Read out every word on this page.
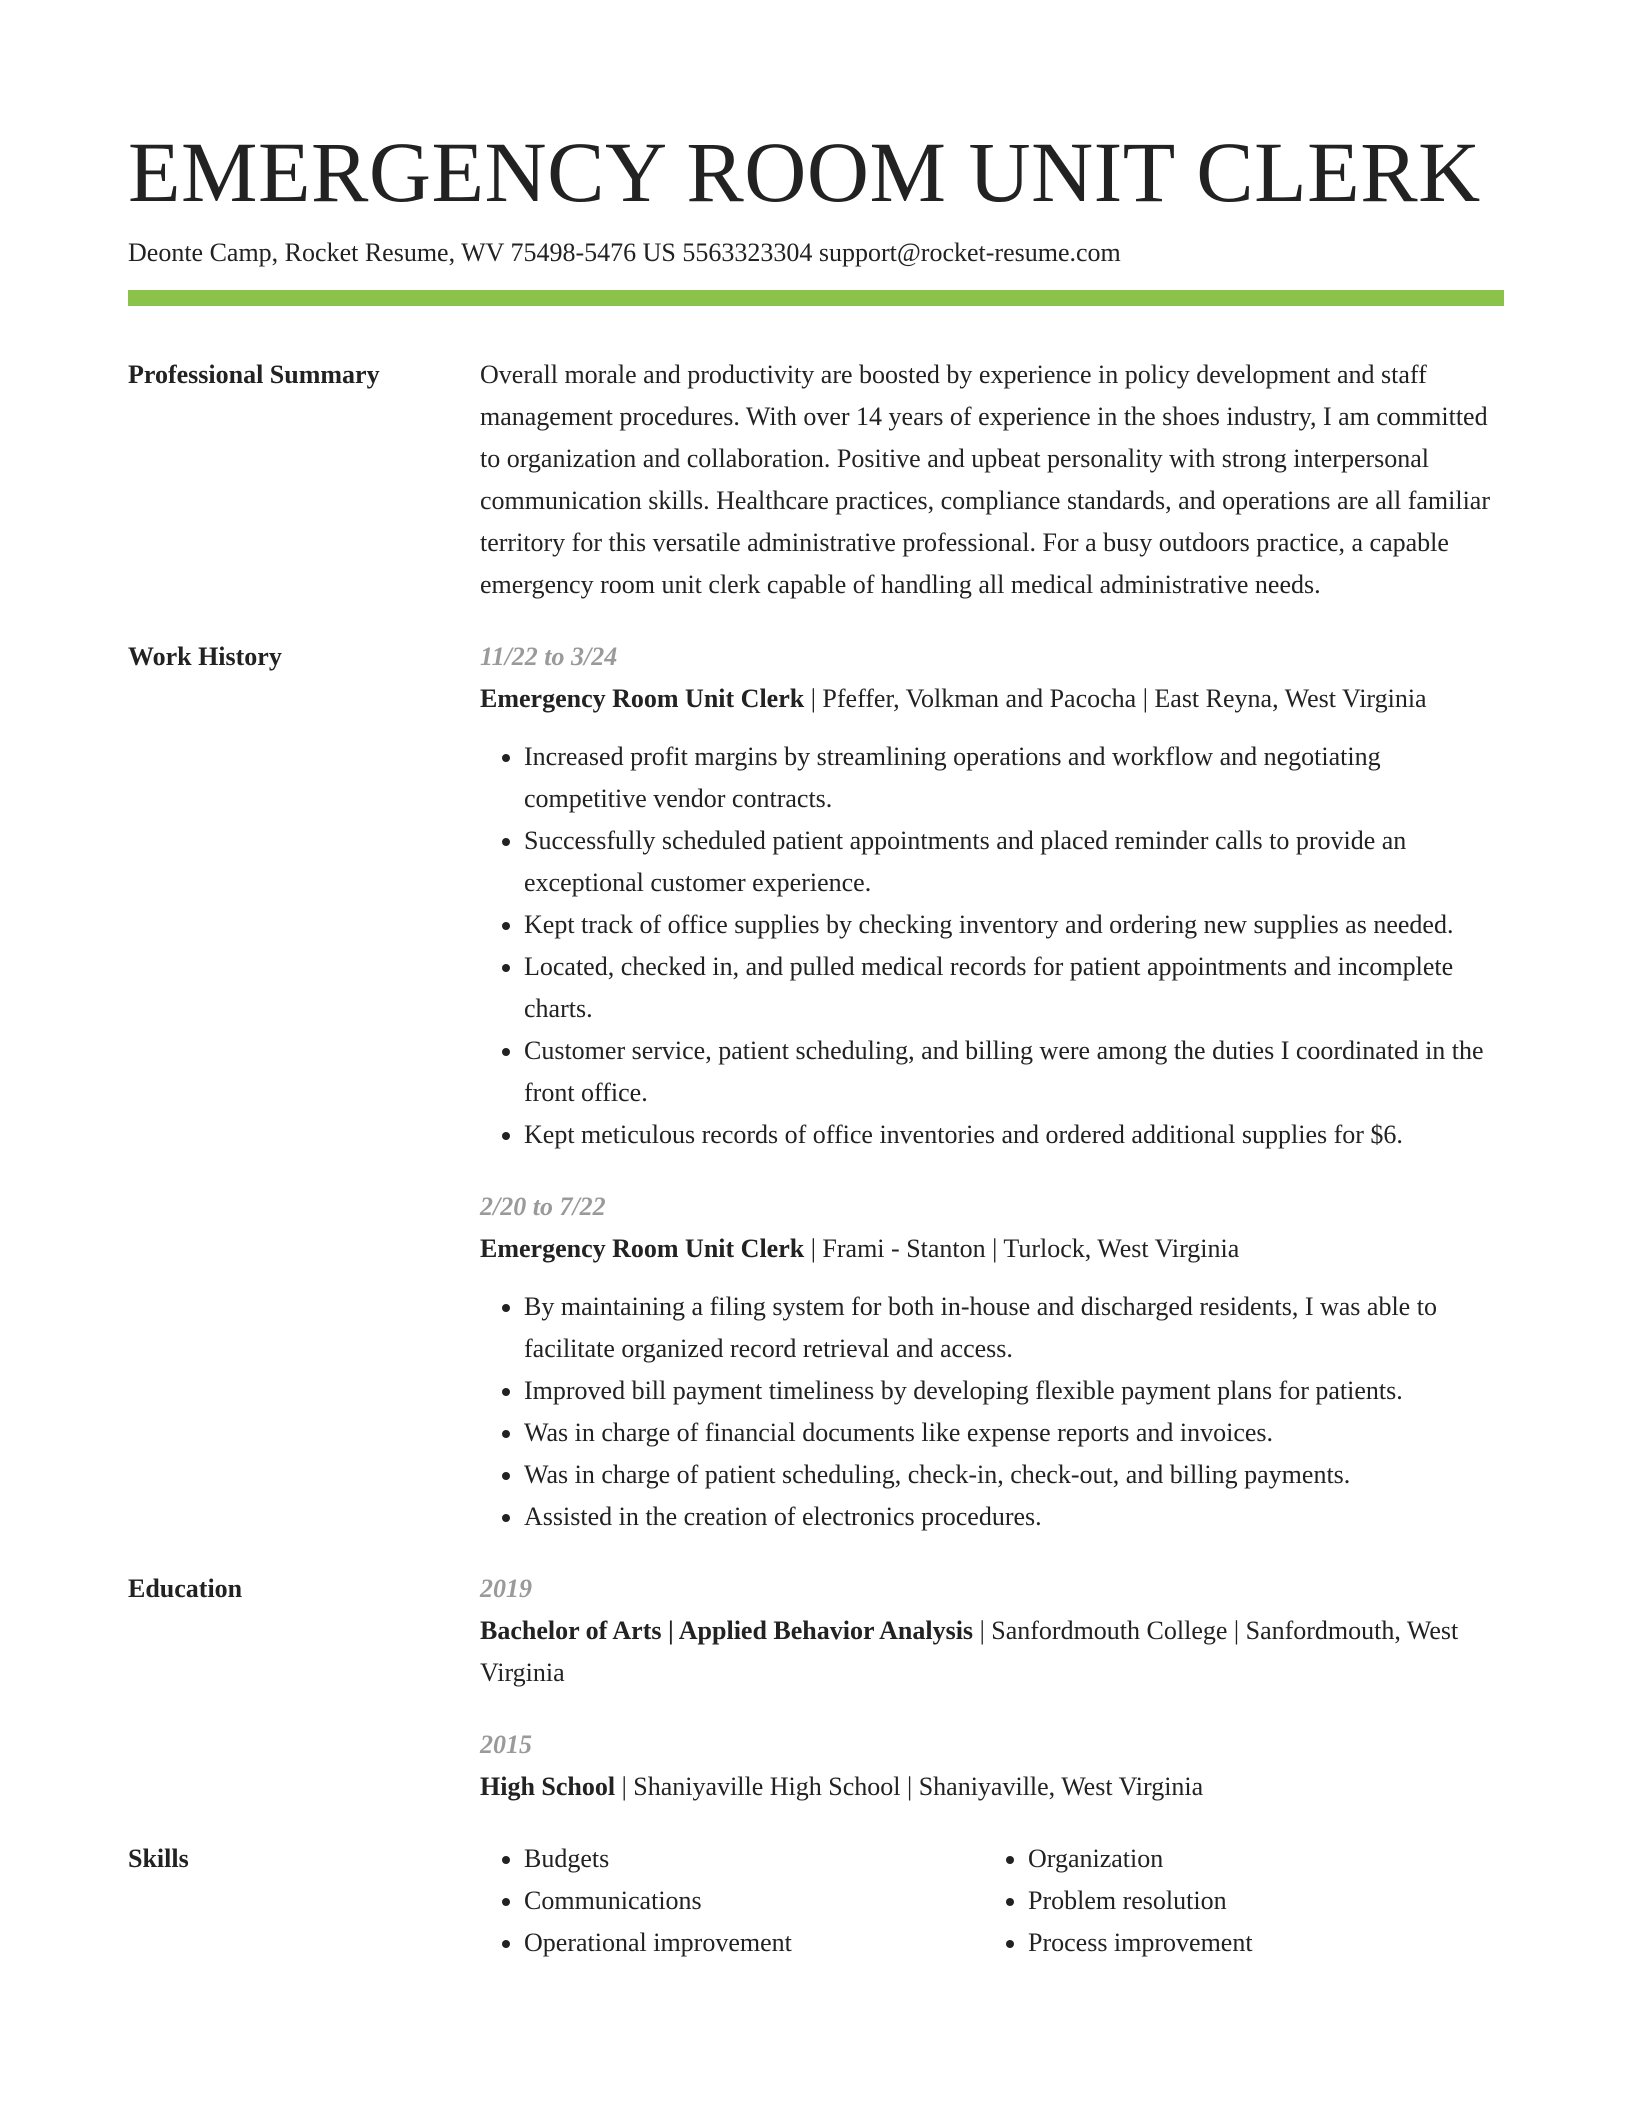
EMERGENCY ROOM UNIT CLERK
Deonte Camp, Rocket Resume, WV 75498-5476 US 5563323304 support@rocket-resume.com
Professional Summary	Overall morale and productivity are boosted by experience in policy development and staff management procedures. With over 14 years of experience in the shoes industry, I am committed to organization and collaboration. Positive and upbeat personality with strong interpersonal communication skills. Healthcare practices, compliance standards, and operations are all familiar territory for this versatile administrative professional. For a busy outdoors practice, a capable emergency room unit clerk capable of handling all medical administrative needs.

Work History	11/22 to 3/24

Emergency Room Unit Clerk | Pfeffer, Volkman and Pacocha | East Reyna, West Virginia

• Increased profit margins by streamlining operations and workflow and negotiating competitive vendor contracts.
• Successfully scheduled patient appointments and placed reminder calls to provide an exceptional customer experience.
• Kept track of office supplies by checking inventory and ordering new supplies as needed.
• Located, checked in, and pulled medical records for patient appointments and incomplete charts.
• Customer service, patient scheduling, and billing were among the duties I coordinated in the front office.
• Kept meticulous records of office inventories and ordered additional supplies for $6.
2/20 to 7/22

Emergency Room Unit Clerk | Frami - Stanton | Turlock, West Virginia

• By maintaining a filing system for both in-house and discharged residents, I was able to facilitate organized record retrieval and access.
• Improved bill payment timeliness by developing flexible payment plans for patients.
• Was in charge of financial documents like expense reports and invoices.
• Was in charge of patient scheduling, check-in, check-out, and billing payments.
• Assisted in the creation of electronics procedures.
Education	2019

Bachelor of Arts | Applied Behavior Analysis | Sanfordmouth College | Sanfordmouth, West Virginia

2015

High School | Shaniyaville High School | Shaniyaville, West Virginia

Skills
•	Budgets
• Communications
• Operational improvement
• Organization
• Problem resolution
• Process improvement
